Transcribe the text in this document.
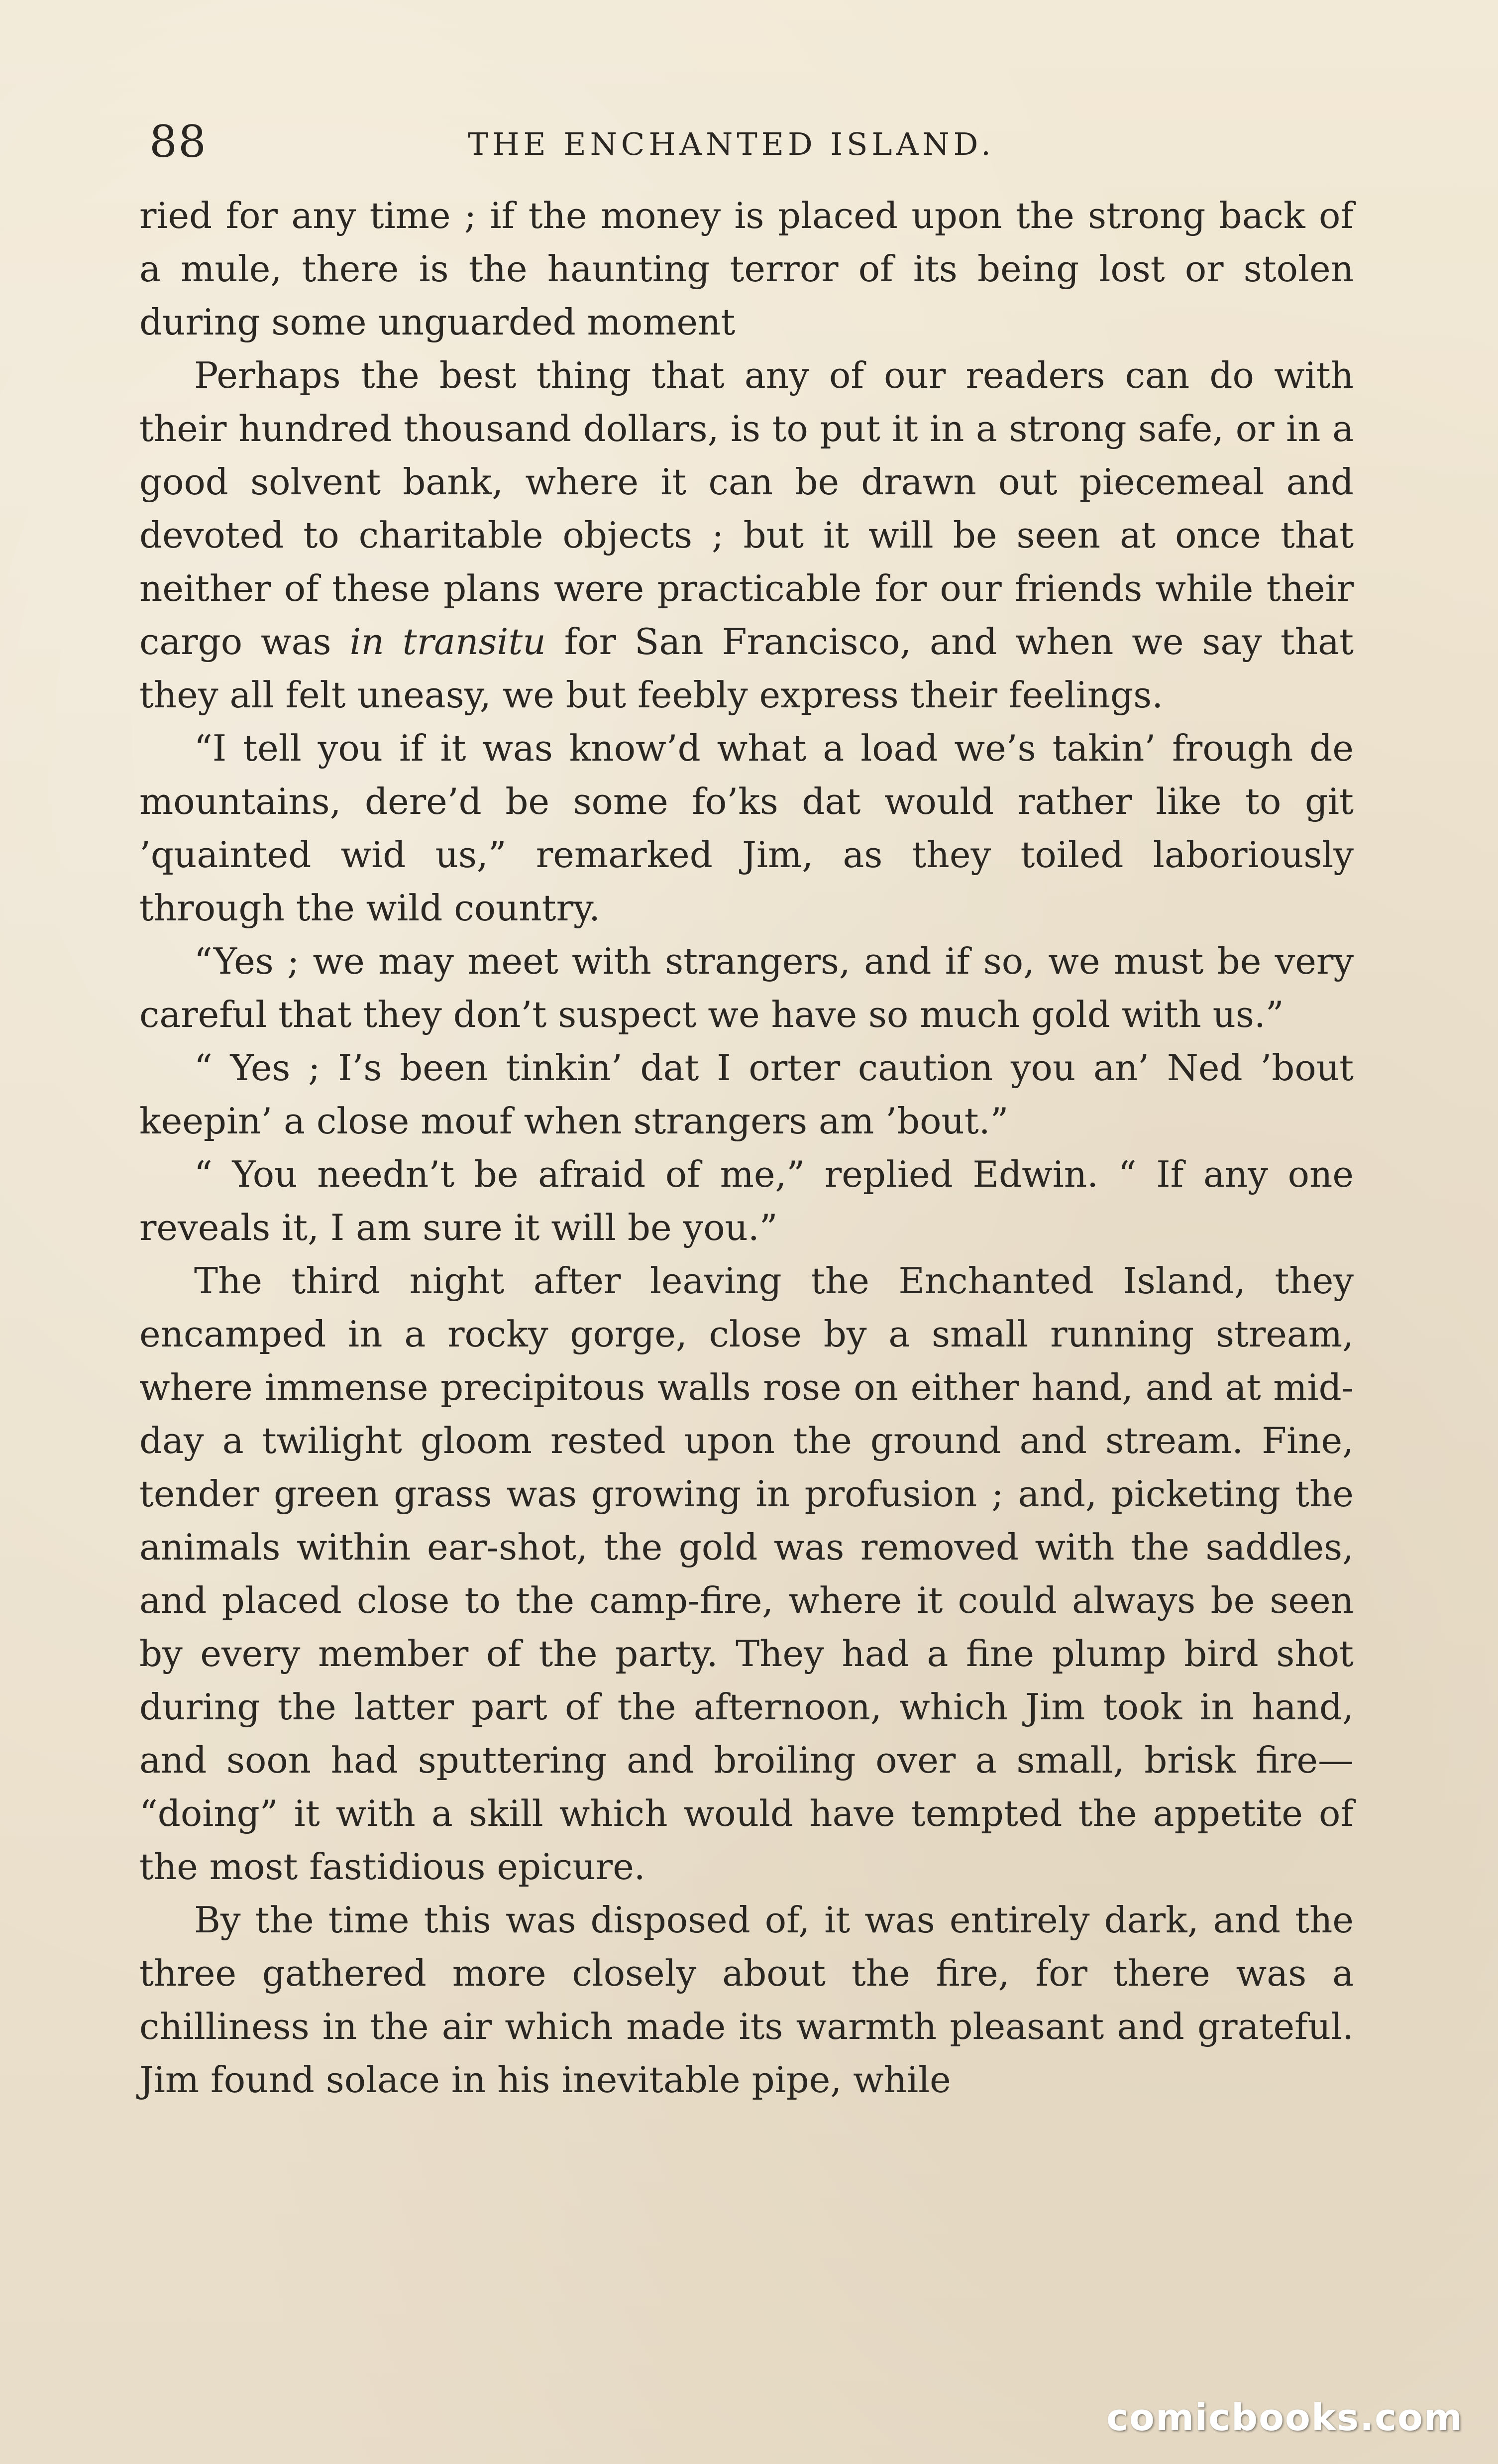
88	THE ENCHANTED ISLAND.

ried for any time ; if the money is placed upon the strong back of a mule, there is the haunting terror of its being lost or stolen during some unguarded moment

Perhaps the best thing that any of our readers can do with their hundred thousand dollars, is to put it in a strong safe, or in a good solvent bank, where it can be drawn out piecemeal and devoted to charitable objects ; but it will be seen at once that neither of these plans were practicable for our friends while their cargo was in transitu for San Francisco, and when we say that they all felt uneasy, we but feebly express their feelings.

“I tell you if it was know’d what a load we’s takin’ frough de mountains, dere’d be some fo’ks dat would rather like to git ’quainted wid us,” remarked Jim, as they toiled laboriously through the wild country.

“Yes ; we may meet with strangers, and if so, we must be very careful that they don’t suspect we have so much gold with us.”

“ Yes ; I’s been tinkin’ dat I orter caution you an’ Ned ’bout keepin’ a close mouf when strangers am ’bout.”

“ You needn’t be afraid of me,” replied Edwin. “ If any one reveals it, I am sure it will be you.”

The third night after leaving the Enchanted Island, they encamped in a rocky gorge, close by a small running stream, where immense precipitous walls rose on either hand, and at mid-day a twilight gloom rested upon the ground and stream. Fine, tender green grass was growing in profusion ; and, picketing the animals within ear-shot, the gold was removed with the saddles, and placed close to the camp-fire, where it could always be seen by every member of the party. They had a fine plump bird shot during the latter part of the afternoon, which Jim took in hand, and soon had sputtering and broiling over a small, brisk fire— “doing” it with a skill which would have tempted the appetite of the most fastidious epicure.

By the time this was disposed of, it was entirely dark, and the three gathered more closely about the fire, for there was a chilliness in the air which made its warmth pleasant and grateful. Jim found solace in his inevitable pipe, while

comicbooks.com
